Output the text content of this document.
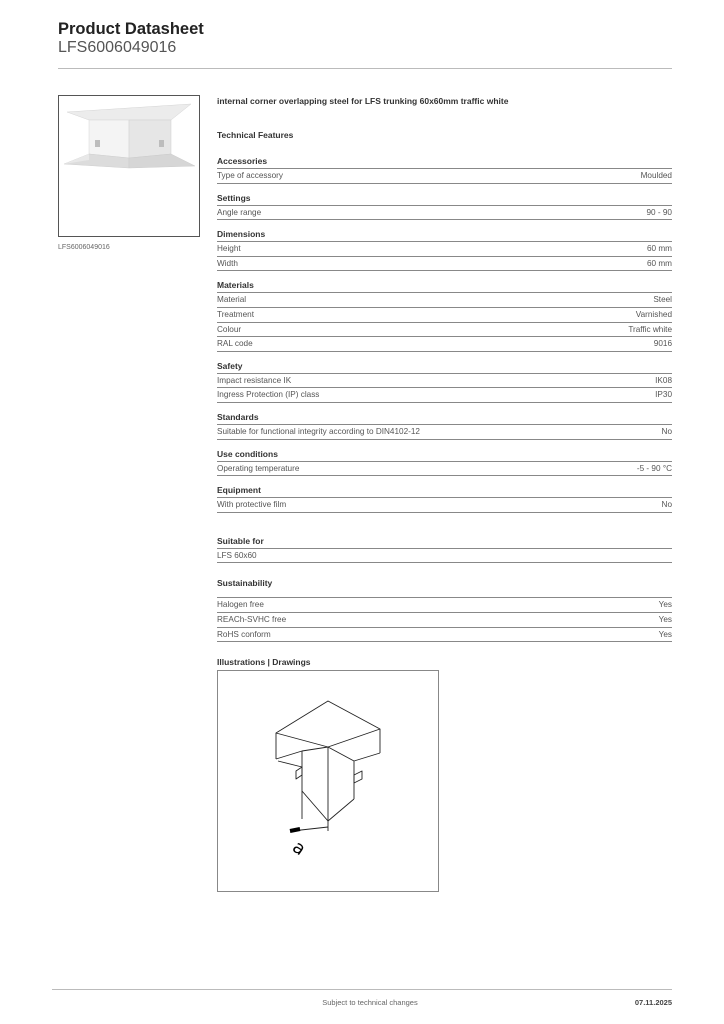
Product Datasheet
LFS6006049016
LFS6006049016
internal corner overlapping steel for LFS trunking 60x60mm traffic white
Technical Features
Accessories
Type of accessory	Moulded
Settings
Angle range	90 - 90
Dimensions
Height	60 mm
Width	60 mm
Materials
Material	Steel
Treatment	Varnished
Colour	Traffic white
RAL code	9016
Safety
Impact resistance IK	IK08
Ingress Protection (IP) class	IP30
Standards
Suitable for functional integrity according to DIN4102-12	No
Use conditions
Operating temperature	-5 - 90 °C
Equipment
With protective film	No
Suitable for
LFS 60x60
Sustainability
Halogen free	Yes
REACh-SVHC free	Yes
RoHS conform	Yes
Illustrations | Drawings
a
Subject to technical changes	07.11.2025
